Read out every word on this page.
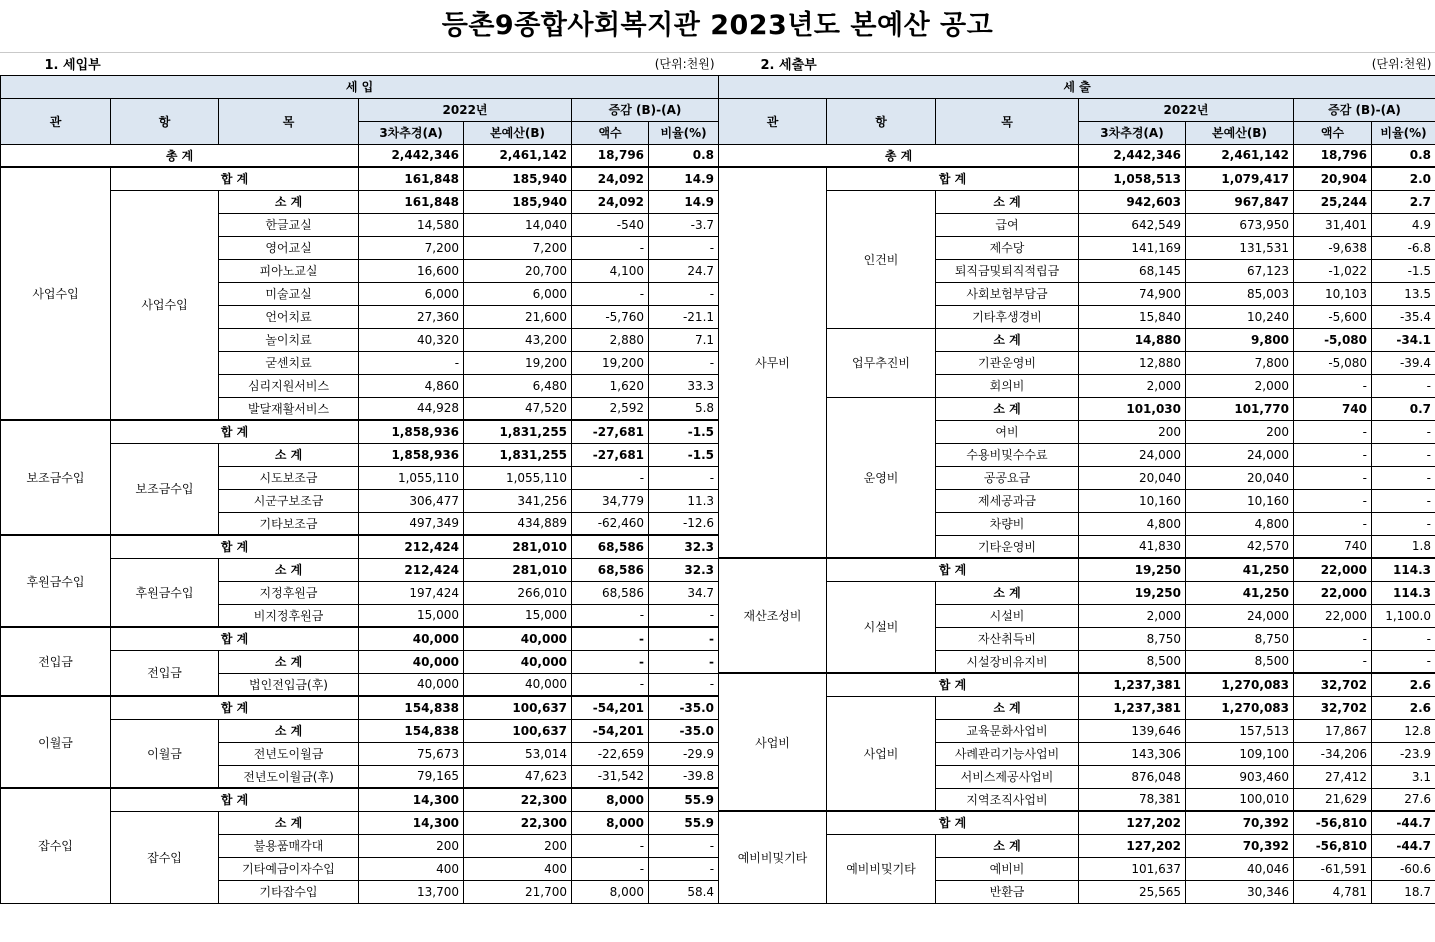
등촌9종합사회복지관 2023년도 본예산 공고
1. 세입부					(단위:천원)	
세 입						
관	항	목	2022년		증감 (B)-(A)	
			3차추경(A)	본예산(B)	액수	비율(%)
총 계			2,442,346	2,461,142	18,796	0.8
사업수입	합 계		161,848	185,940	24,092	14.9
	사업수입	소 계	161,848	185,940	24,092	14.9
		한글교실	14,580	14,040	-540	-3.7
		영어교실	7,200	7,200	-	-
		피아노교실	16,600	20,700	4,100	24.7
		미술교실	6,000	6,000	-	-
		언어치료	27,360	21,600	-5,760	-21.1
		놀이치료	40,320	43,200	2,880	7.1
		굳센치료	-	19,200	19,200	-
		심리지원서비스	4,860	6,480	1,620	33.3
		발달재활서비스	44,928	47,520	2,592	5.8
보조금수입	합 계		1,858,936	1,831,255	-27,681	-1.5
	보조금수입	소 계	1,858,936	1,831,255	-27,681	-1.5
		시도보조금	1,055,110	1,055,110	-	-
		시군구보조금	306,477	341,256	34,779	11.3
		기타보조금	497,349	434,889	-62,460	-12.6
후원금수입	합 계		212,424	281,010	68,586	32.3
	후원금수입	소 계	212,424	281,010	68,586	32.3
		지정후원금	197,424	266,010	68,586	34.7
		비지정후원금	15,000	15,000	-	-
전입금	합 계		40,000	40,000	-	-
	전입금	소 계	40,000	40,000	-	-
		법인전입금(후)	40,000	40,000	-	-
이월금	합 계		154,838	100,637	-54,201	-35.0
	이월금	소 계	154,838	100,637	-54,201	-35.0
		전년도이월금	75,673	53,014	-22,659	-29.9
		전년도이월금(후)	79,165	47,623	-31,542	-39.8
잡수입	합 계		14,300	22,300	8,000	55.9
	잡수입	소 계	14,300	22,300	8,000	55.9
		불용품매각대	200	200	-	-
		기타예금이자수입	400	400	-	-
		기타잡수입	13,700	21,700	8,000	58.4
2. 세출부					(단위:천원)	
세 출						
관	항	목	2022년		증감 (B)-(A)	
			3차추경(A)	본예산(B)	액수	비율(%)
총 계			2,442,346	2,461,142	18,796	0.8
사무비	합 계		1,058,513	1,079,417	20,904	2.0
	인건비	소 계	942,603	967,847	25,244	2.7
		급여	642,549	673,950	31,401	4.9
		제수당	141,169	131,531	-9,638	-6.8
		퇴직금및퇴직적립금	68,145	67,123	-1,022	-1.5
		사회보험부담금	74,900	85,003	10,103	13.5
		기타후생경비	15,840	10,240	-5,600	-35.4
	업무추진비	소 계	14,880	9,800	-5,080	-34.1
		기관운영비	12,880	7,800	-5,080	-39.4
		회의비	2,000	2,000	-	-
	운영비	소 계	101,030	101,770	740	0.7
		여비	200	200	-	-
		수용비및수수료	24,000	24,000	-	-
		공공요금	20,040	20,040	-	-
		제세공과금	10,160	10,160	-	-
		차량비	4,800	4,800	-	-
		기타운영비	41,830	42,570	740	1.8
재산조성비	합 계		19,250	41,250	22,000	114.3
	시설비	소 계	19,250	41,250	22,000	114.3
		시설비	2,000	24,000	22,000	1,100.0
		자산취득비	8,750	8,750	-	-
		시설장비유지비	8,500	8,500	-	-
사업비	합 계		1,237,381	1,270,083	32,702	2.6
	사업비	소 계	1,237,381	1,270,083	32,702	2.6
		교육문화사업비	139,646	157,513	17,867	12.8
		사례관리기능사업비	143,306	109,100	-34,206	-23.9
		서비스제공사업비	876,048	903,460	27,412	3.1
		지역조직사업비	78,381	100,010	21,629	27.6
예비비및기타	합 계		127,202	70,392	-56,810	-44.7
	예비비및기타	소 계	127,202	70,392	-56,810	-44.7
		예비비	101,637	40,046	-61,591	-60.6
		반환금	25,565	30,346	4,781	18.7
